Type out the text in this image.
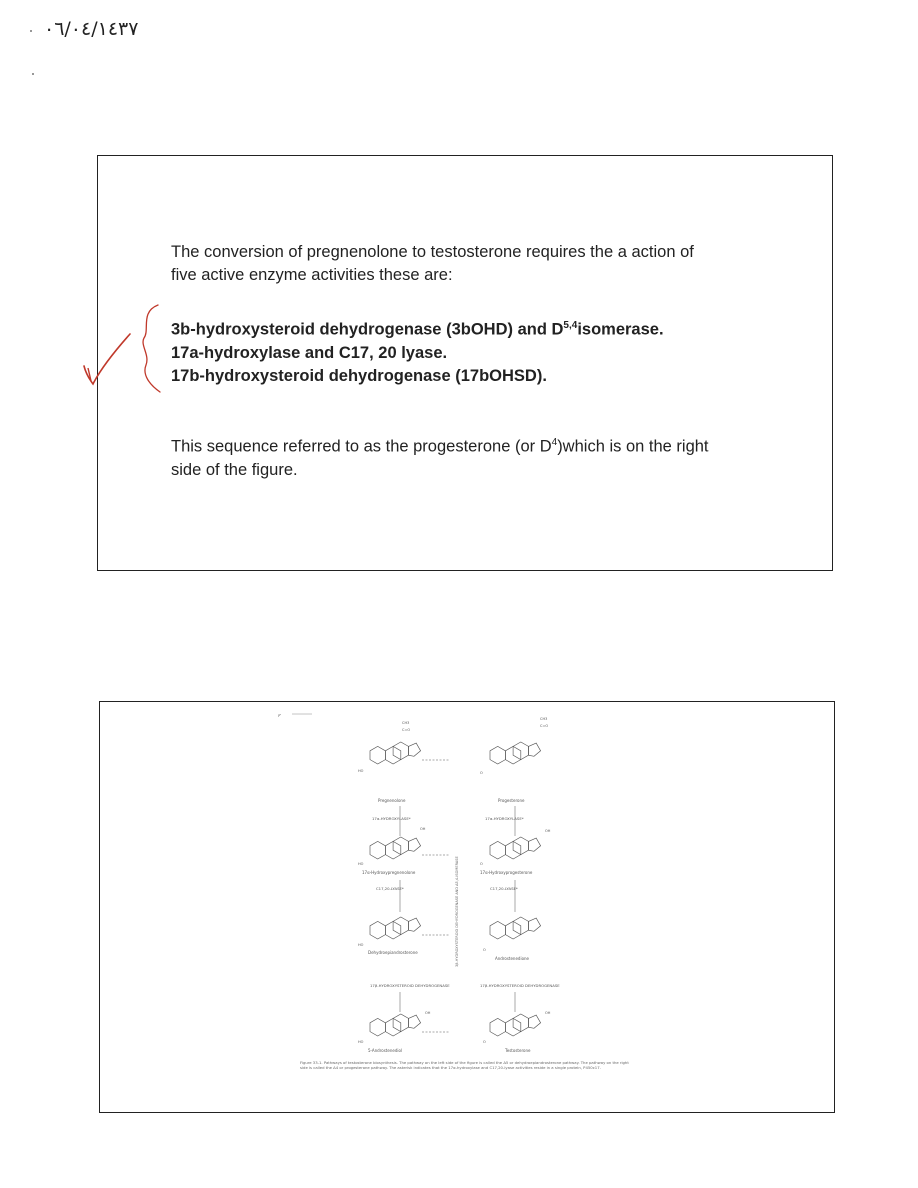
٠٦/٠٤/١٤٣٧
The conversion of pregnenolone to testosterone requires the a action of
five active enzyme activities these are:
3b-hydroxysteroid dehydrogenase (3bOHD) and D$^{5,4}$isomerase.
17a-hydroxylase and C17, 20 lyase.
17b-hydroxysteroid dehydrogenase (17bOHSD).
This sequence referred to as the progesterone (or $D^4)which$ is on the right
side of the figure.
ק
CH3
C=O
HO
Pregnenolone
CH3
C=O
O
Progesterone
17α-HYDROXYLASE*	17α-HYDROXYLASE*
OH
HO
17α-Hydroxypregnenolone
OH
O
17α-Hydroxyprogesterone
C17,20-LYASE*	C17,20-LYASE*
3β-HYDROXYSTEROID DEHYDROGENASE AND Δ5,4-ISOMERASE
HO
Dehydroepiandrosterone	O
Androstenedione
17β-HYDROXYSTEROID DEHYDROGENASE	17β-HYDROXYSTEROID DEHYDROGENASE
OH
HO
5-Androstenediol
OH
O
Testosterone
Figure 33-1. Pathways of testosterone biosynthesis. The pathway on the left side of the figure is called the Δ5 or dehydroepiandrosterone pathway. The pathway on the right side is called the Δ4 or progesterone pathway. The asterisk indicates that the 17α-hydroxylase and C17,20-lyase activities reside in a single protein, P450c17.
